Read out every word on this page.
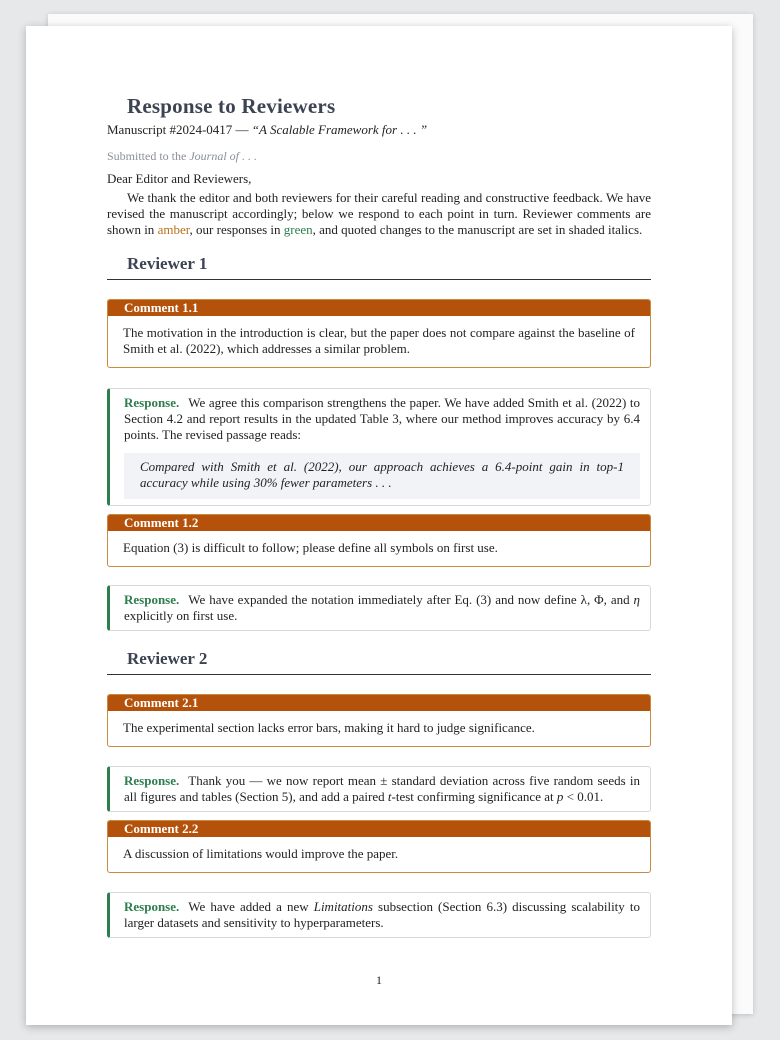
Response to Reviewers
Manuscript #2024-0417 — “A Scalable Framework for . . . ”
Submitted to the Journal of . . .
Dear Editor and Reviewers,

We thank the editor and both reviewers for their careful reading and constructive feedback. We have revised the manuscript accordingly; below we respond to each point in turn. Reviewer comments are shown in amber, our responses in green, and quoted changes to the manuscript are set in shaded italics.

Reviewer 1
Comment 1.1
The motivation in the introduction is clear, but the paper does not compare against the baseline of Smith et al. (2022), which addresses a similar problem.
Response. We agree this comparison strengthens the paper. We have added Smith et al. (2022) to Section 4.2 and report results in the updated Table 3, where our method improves accuracy by 6.4 points. The revised passage reads:
Compared with Smith et al. (2022), our approach achieves a 6.4-point gain in top-1 accuracy while using 30% fewer parameters . . .
Comment 1.2
Equation (3) is difficult to follow; please define all symbols on first use.
Response. We have expanded the notation immediately after Eq. (3) and now define λ, Φ, and η explicitly on first use.
Reviewer 2
Comment 2.1
The experimental section lacks error bars, making it hard to judge significance.
Response. Thank you — we now report mean ± standard deviation across five random seeds in all figures and tables (Section 5), and add a paired t-test confirming significance at p < 0.01.
Comment 2.2
A discussion of limitations would improve the paper.
Response. We have added a new Limitations subsection (Section 6.3) discussing scalability to larger datasets and sensitivity to hyperparameters.
1
